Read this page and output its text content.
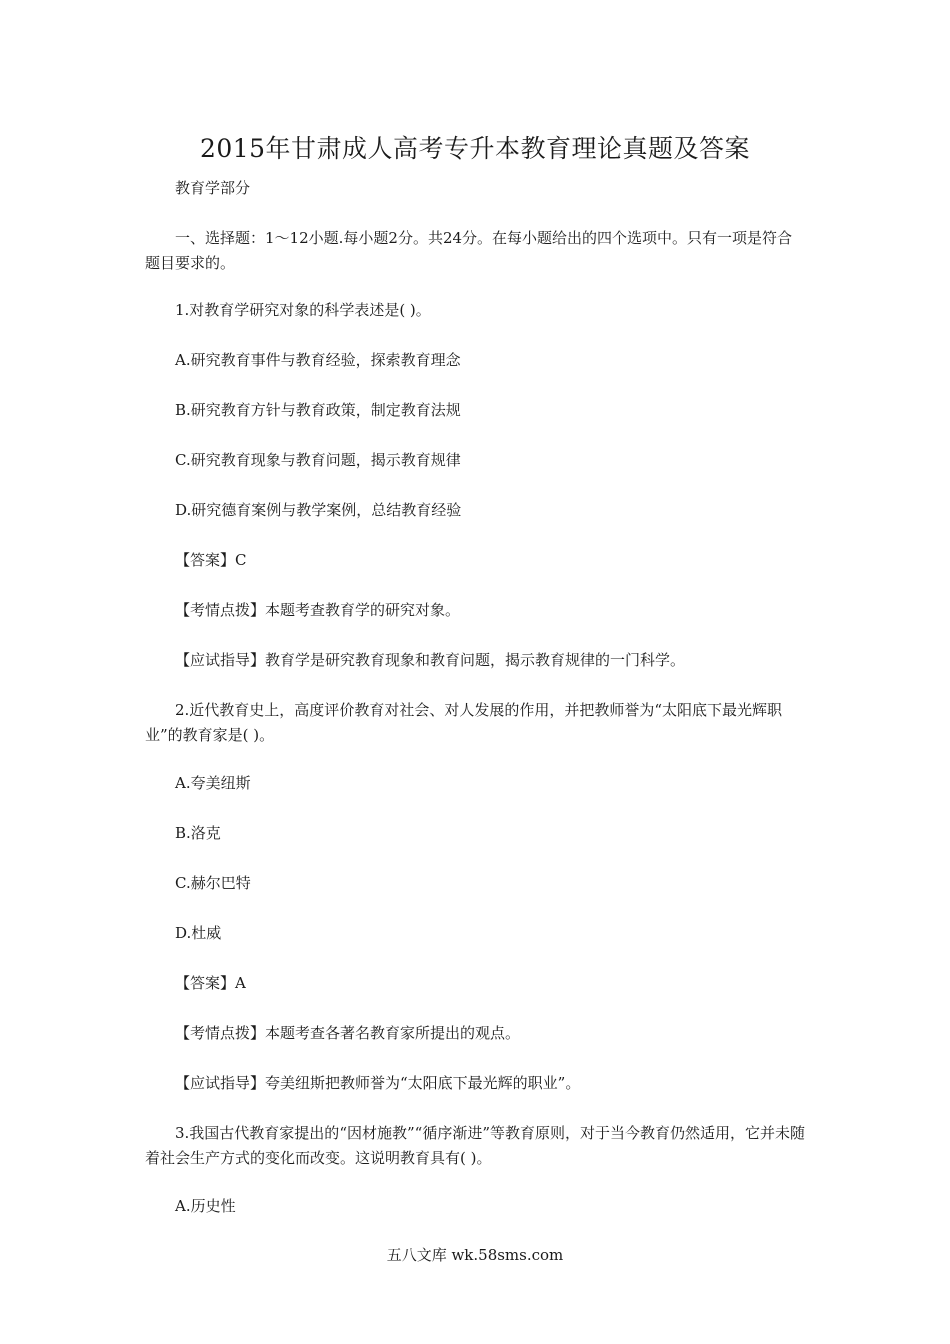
2015年甘肃成人高考专升本教育理论真题及答案
教育学部分
一、选择题：1～12小题.每小题2分。共24分。在每小题给出的四个选项中。只有一项是符合题目要求的。
1.对教育学研究对象的科学表述是( )。
A.研究教育事件与教育经验，探索教育理念
B.研究教育方针与教育政策，制定教育法规
C.研究教育现象与教育问题，揭示教育规律
D.研究德育案例与教学案例，总结教育经验
【答案】C
【考情点拨】本题考查教育学的研究对象。
【应试指导】教育学是研究教育现象和教育问题，揭示教育规律的一门科学。
2.近代教育史上，高度评价教育对社会、对人发展的作用，并把教师誉为“太阳底下最光辉职业”的教育家是( )。
A.夸美纽斯
B.洛克
C.赫尔巴特
D.杜威
【答案】A
【考情点拨】本题考查各著名教育家所提出的观点。
【应试指导】夸美纽斯把教师誉为“太阳底下最光辉的职业”。
3.我国古代教育家提出的“因材施教”“循序渐进”等教育原则，对于当今教育仍然适用，它并未随着社会生产方式的变化而改变。这说明教育具有( )。
A.历史性
五八文库 wk.58sms.com
